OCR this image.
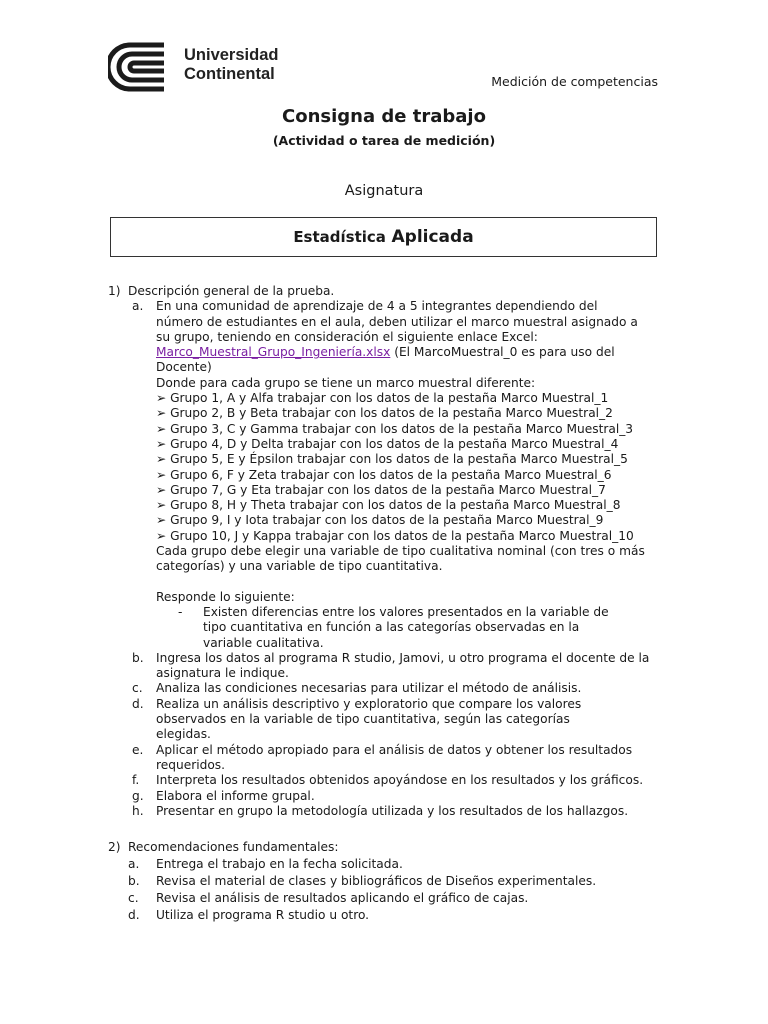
Universidad
Continental	Medición de competencias
Consigna de trabajo
(Actividad o tarea de medición)
Asignatura
Estadística Aplicada
1) Descripción general de la prueba.
a. En una comunidad de aprendizaje de 4 a 5 integrantes dependiendo del
número de estudiantes en el aula, deben utilizar el marco muestral asignado a
su grupo, teniendo en consideración el siguiente enlace Excel:
Marco_Muestral_Grupo_Ingeniería.xlsx (El MarcoMuestral_0 es para uso del
Docente)
Donde para cada grupo se tiene un marco muestral diferente:
➢ Grupo 1, A y Alfa trabajar con los datos de la pestaña Marco Muestral_1
➢ Grupo 2, B y Beta trabajar con los datos de la pestaña Marco Muestral_2
➢ Grupo 3, C y Gamma trabajar con los datos de la pestaña Marco Muestral_3
➢ Grupo 4, D y Delta trabajar con los datos de la pestaña Marco Muestral_4
➢ Grupo 5, E y Épsilon trabajar con los datos de la pestaña Marco Muestral_5
➢ Grupo 6, F y Zeta trabajar con los datos de la pestaña Marco Muestral_6
➢ Grupo 7, G y Eta trabajar con los datos de la pestaña Marco Muestral_7
➢ Grupo 8, H y Theta trabajar con los datos de la pestaña Marco Muestral_8
➢ Grupo 9, I y Iota trabajar con los datos de la pestaña Marco Muestral_9
➢ Grupo 10, J y Kappa trabajar con los datos de la pestaña Marco Muestral_10
Cada grupo debe elegir una variable de tipo cualitativa nominal (con tres o más
categorías) y una variable de tipo cuantitativa.
Responde lo siguiente:
- Existen diferencias entre los valores presentados en la variable de
tipo cuantitativa en función a las categorías observadas en la
variable cualitativa.
b. Ingresa los datos al programa R studio, Jamovi, u otro programa el docente de la
asignatura le indique.
c. Analiza las condiciones necesarias para utilizar el método de análisis.
d. Realiza un análisis descriptivo y exploratorio que compare los valores
observados en la variable de tipo cuantitativa, según las categorías
elegidas.
e. Aplicar el método apropiado para el análisis de datos y obtener los resultados
requeridos.
f. Interpreta los resultados obtenidos apoyándose en los resultados y los gráficos.
g. Elabora el informe grupal.
h. Presentar en grupo la metodología utilizada y los resultados de los hallazgos.
2) Recomendaciones fundamentales:
a. Entrega el trabajo en la fecha solicitada.
b. Revisa el material de clases y bibliográficos de Diseños experimentales.
c. Revisa el análisis de resultados aplicando el gráfico de cajas.
d. Utiliza el programa R studio u otro.
